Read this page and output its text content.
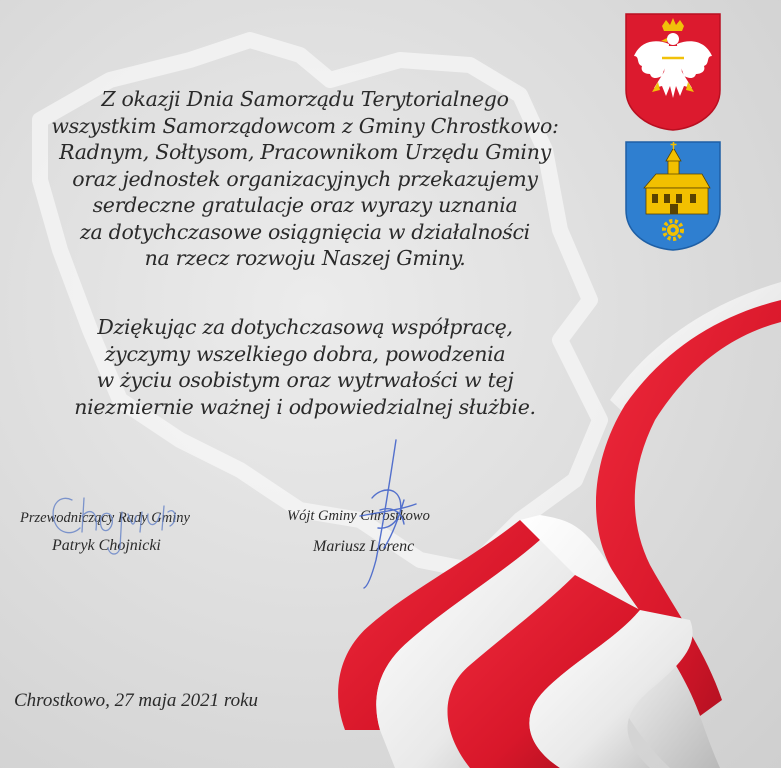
Z okazji Dnia Samorządu Terytorialnego
wszystkim Samorządowcom z Gminy Chrostkowo:
Radnym, Sołtysom, Pracownikom Urzędu Gminy
oraz jednostek organizacyjnych przekazujemy
serdeczne gratulacje oraz wyrazy uznania
za dotychczasowe osiągnięcia w działalności
na rzecz rozwoju Naszej Gminy.
Dziękując za dotychczasową współpracę,
życzymy wszelkiego dobra, powodzenia
w życiu osobistym oraz wytrwałości w tej
niezmiernie ważnej i odpowiedzialnej służbie.
Przewodniczący Rady Gminy
Patryk Chojnicki
Wójt Gminy Chrostkowo
Mariusz Lorenc
Chrostkowo, 27 maja 2021 roku
